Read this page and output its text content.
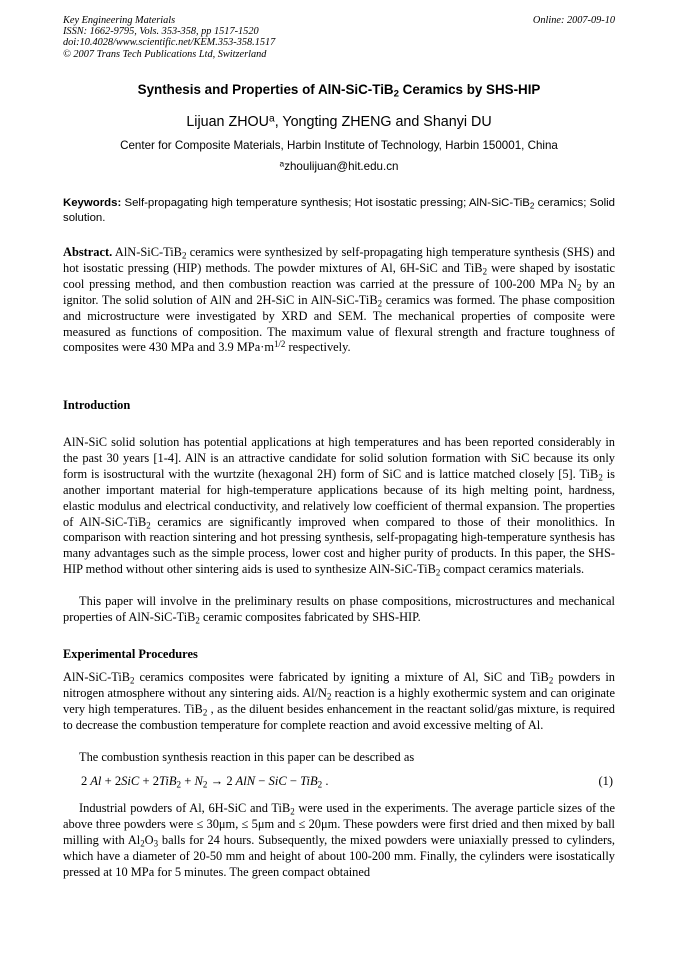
Key Engineering Materials
ISSN: 1662-9795, Vols. 353-358, pp 1517-1520
doi:10.4028/www.scientific.net/KEM.353-358.1517
© 2007 Trans Tech Publications Ltd, Switzerland
Online: 2007-09-10
Synthesis and Properties of AlN-SiC-TiB$_2$ Ceramics by SHS-HIP
Lijuan ZHOU$^a$, Yongting ZHENG and Shanyi DU
Center for Composite Materials, Harbin Institute of Technology, Harbin 150001, China
$^a$zhoulijuan@hit.edu.cn
Keywords: Self-propagating high temperature synthesis; Hot isostatic pressing; AlN-SiC-TiB$_2$ ceramics; Solid solution.
Abstract. AlN-SiC-TiB$_2$ ceramics were synthesized by self-propagating high temperature synthesis (SHS) and hot isostatic pressing (HIP) methods. The powder mixtures of Al, 6H-SiC and TiB$_2$ were shaped by isostatic cool pressing method, and then combustion reaction was carried at the pressure of 100-200 MPa $N_2$ by an ignitor. The solid solution of AlN and 2H-SiC in AlN-SiC-TiB$_2$ ceramics was formed. The phase composition and microstructure were investigated by XRD and SEM. The mechanical properties of composite were measured as functions of composition. The maximum value of flexural strength and fracture toughness of composites were 430 MPa and 3.9 $MPa\cdot m^{1/2}$ respectively.
Introduction
AlN-SiC solid solution has potential applications at high temperatures and has been reported considerably in the past 30 years [1-4]. AlN is an attractive candidate for solid solution formation with SiC because its only form is isostructural with the wurtzite (hexagonal 2H) form of SiC and is lattice matched closely [5]. TiB$_2$ is another important material for high-temperature applications because of its high melting point, hardness, elastic modulus and electrical conductivity, and relatively low coefficient of thermal expansion. The properties of AlN-SiC-TiB$_2$ ceramics are significantly improved when compared to those of their monolithics. In comparison with reaction sintering and hot pressing synthesis, self-propagating high-temperature synthesis has many advantages such as the simple process, lower cost and higher purity of products. In this paper, the SHS-HIP method without other sintering aids is used to synthesize AlN-SiC-TiB$_2$ compact ceramics materials.
This paper will involve in the preliminary results on phase compositions, microstructures and mechanical properties of AlN-SiC-TiB$_2$ ceramic composites fabricated by SHS-HIP.
Experimental Procedures
AlN-SiC-TiB$_2$ ceramics composites were fabricated by igniting a mixture of Al, SiC and TiB$_2$ powders in nitrogen atmosphere without any sintering aids. $Al/N_2$ reaction is a highly exothermic system and can originate very high temperatures. TiB$_2$ , as the diluent besides enhancement in the reactant solid/gas mixture, is required to decrease the combustion temperature for complete reaction and avoid excessive melting of Al.
The combustion synthesis reaction in this paper can be described as
2 $Al + 2SiC + 2TiB_2 + N_2 \to 2$ AlN − SiC − TiB$_2$ .	(1)
Industrial powders of Al, 6H-SiC and TiB$_2$ were used in the experiments. The average particle sizes of the above three powders were ≤ 30μm, ≤ 5μm and ≤ 20μm. These powders were first dried and then mixed by ball milling with $Al_2O_3$ balls for 24 hours. Subsequently, the mixed powders were uniaxially pressed to cylinders, which have a diameter of 20-50 mm and height of about 100-200 mm. Finally, the cylinders were isostatically pressed at 10 MPa for 5 minutes. The green compact obtained
